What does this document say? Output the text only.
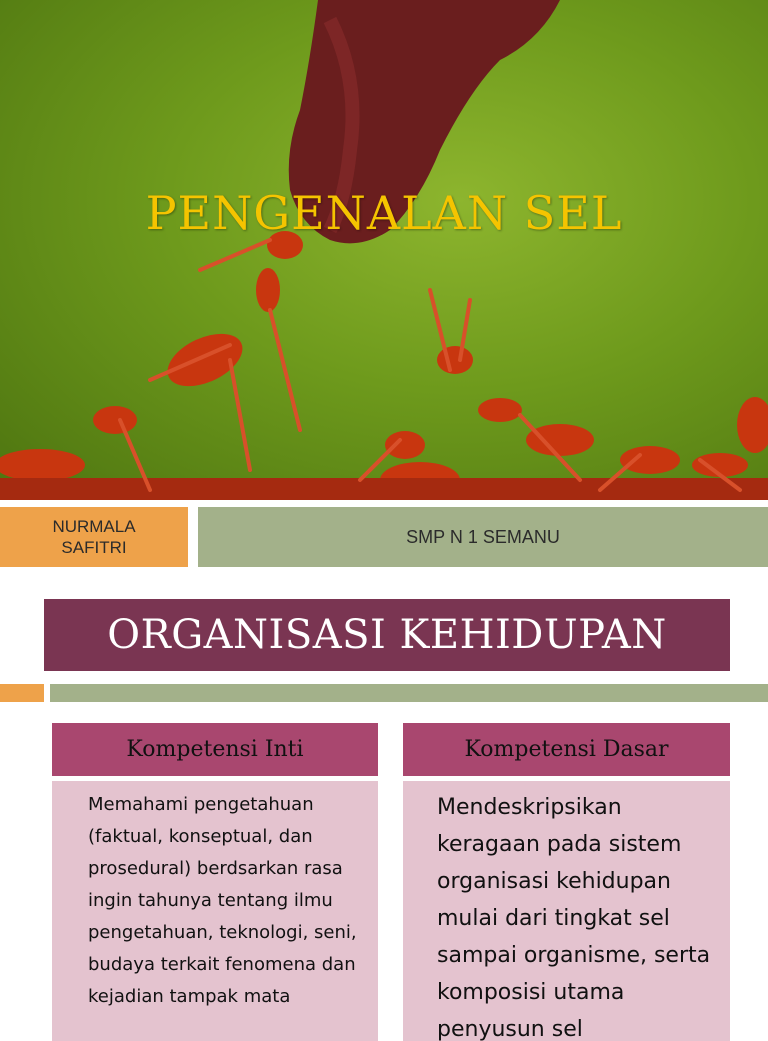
PENGENALAN SEL
NURMALA
SAFITRI
SMP N 1 SEMANU
ORGANISASI KEHIDUPAN
Kompetensi Inti
Memahami pengetahuan (faktual, konseptual, dan prosedural) berdsarkan rasa ingin tahunya tentang ilmu pengetahuan, teknologi, seni, budaya terkait fenomena dan kejadian tampak mata
Kompetensi Dasar
Mendeskripsikan keragaan pada sistem organisasi kehidupan mulai dari tingkat sel sampai organisme, serta komposisi utama penyusun sel
